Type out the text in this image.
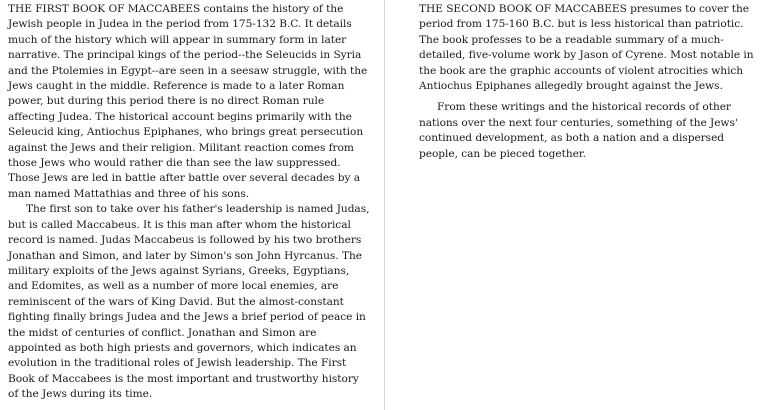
THE FIRST BOOK OF MACCABEES contains the history of the Jewish people in Judea in the period from 175-132 B.C. It details much of the history which will appear in summary form in later narrative. The principal kings of the period--the Seleucids in Syria and the Ptolemies in Egypt--are seen in a seesaw struggle, with the Jews caught in the middle. Reference is made to a later Roman power, but during this period there is no direct Roman rule affecting Judea. The historical account begins primarily with the Seleucid king, Antiochus Epiphanes, who brings great persecution against the Jews and their religion. Militant reaction comes from those Jews who would rather die than see the law suppressed. Those Jews are led in battle after battle over several decades by a man named Mattathias and three of his sons.

The first son to take over his father's leadership is named Judas, but is called Maccabeus. It is this man after whom the historical record is named. Judas Maccabeus is followed by his two brothers Jonathan and Simon, and later by Simon's son John Hyrcanus. The military exploits of the Jews against Syrians, Greeks, Egyptians, and Edomites, as well as a number of more local enemies, are reminiscent of the wars of King David. But the almost-constant fighting finally brings Judea and the Jews a brief period of peace in the midst of centuries of conflict. Jonathan and Simon are appointed as both high priests and governors, which indicates an evolution in the traditional roles of Jewish leadership. The First Book of Maccabees is the most important and trustworthy history of the Jews during its time.

THE SECOND BOOK OF MACCABEES presumes to cover the period from 175-160 B.C. but is less historical than patriotic. The book professes to be a readable summary of a much-detailed, five-volume work by Jason of Cyrene. Most notable in the book are the graphic accounts of violent atrocities which Antiochus Epiphanes allegedly brought against the Jews.

From these writings and the historical records of other nations over the next four centuries, something of the Jews' continued development, as both a nation and a dispersed people, can be pieced together.
